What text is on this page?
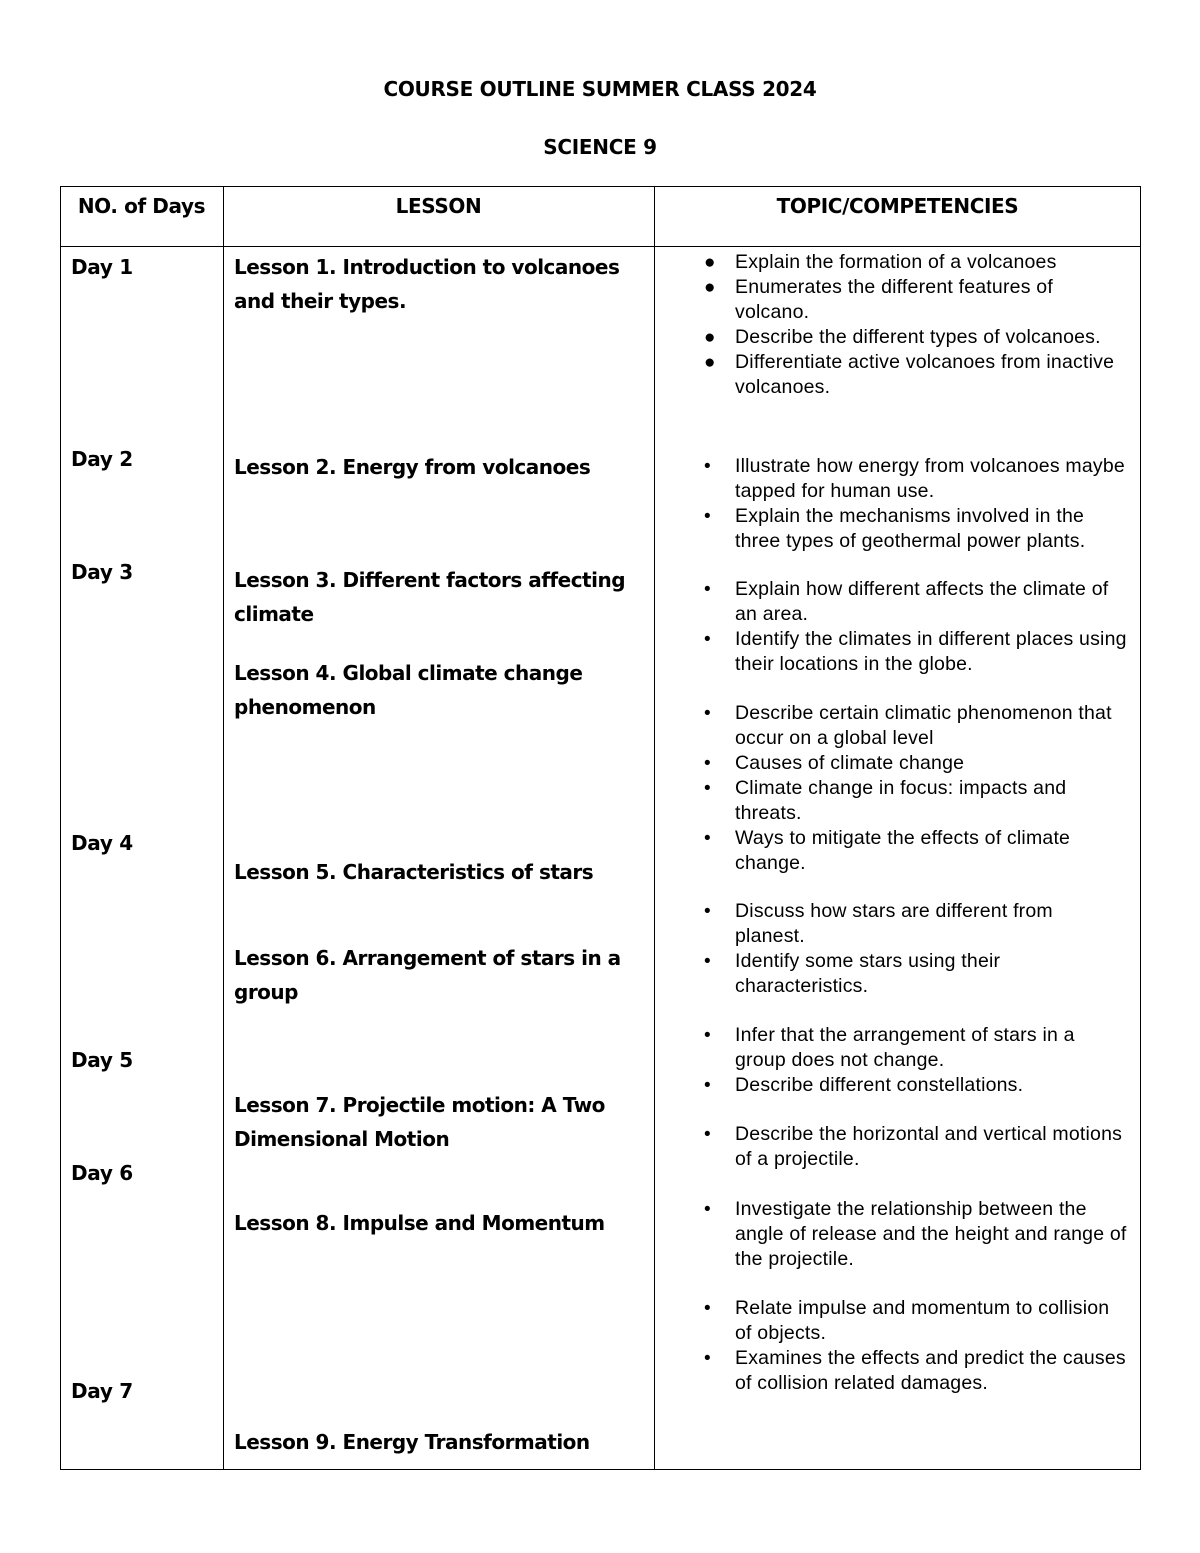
COURSE OUTLINE SUMMER CLASS 2024
SCIENCE 9
NO. of Days	LESSON	TOPIC/COMPETENCIES
Day 1
Day 2
Day 3
Day 4
Day 5
Day 6
Day 7
Lesson 1. Introduction to volcanoes and their types.
Lesson 2. Energy from volcanoes
Lesson 3. Different factors affecting climate
Lesson 4. Global climate change phenomenon
Lesson 5. Characteristics of stars
Lesson 6. Arrangement of stars in a group
Lesson 7. Projectile motion: A Two Dimensional Motion
Lesson 8. Impulse and Momentum
Lesson 9. Energy Transformation
● Explain the formation of a volcanoes
● Enumerates the different features of volcano.
● Describe the different types of volcanoes.
● Differentiate active volcanoes from inactive volcanoes.
• Illustrate how energy from volcanoes maybe tapped for human use.
• Explain the mechanisms involved in the three types of geothermal power plants.
• Explain how different affects the climate of an area.
• Identify the climates in different places using their locations in the globe.
• Describe certain climatic phenomenon that occur on a global level
• Causes of climate change
• Climate change in focus: impacts and threats.
• Ways to mitigate the effects of climate change.
• Discuss how stars are different from planest.
• Identify some stars using their characteristics.
• Infer that the arrangement of stars in a group does not change.
• Describe different constellations.
• Describe the horizontal and vertical motions of a projectile.
• Investigate the relationship between the angle of release and the height and range of the projectile.
• Relate impulse and momentum to collision of objects.
• Examines the effects and predict the causes of collision related damages.
